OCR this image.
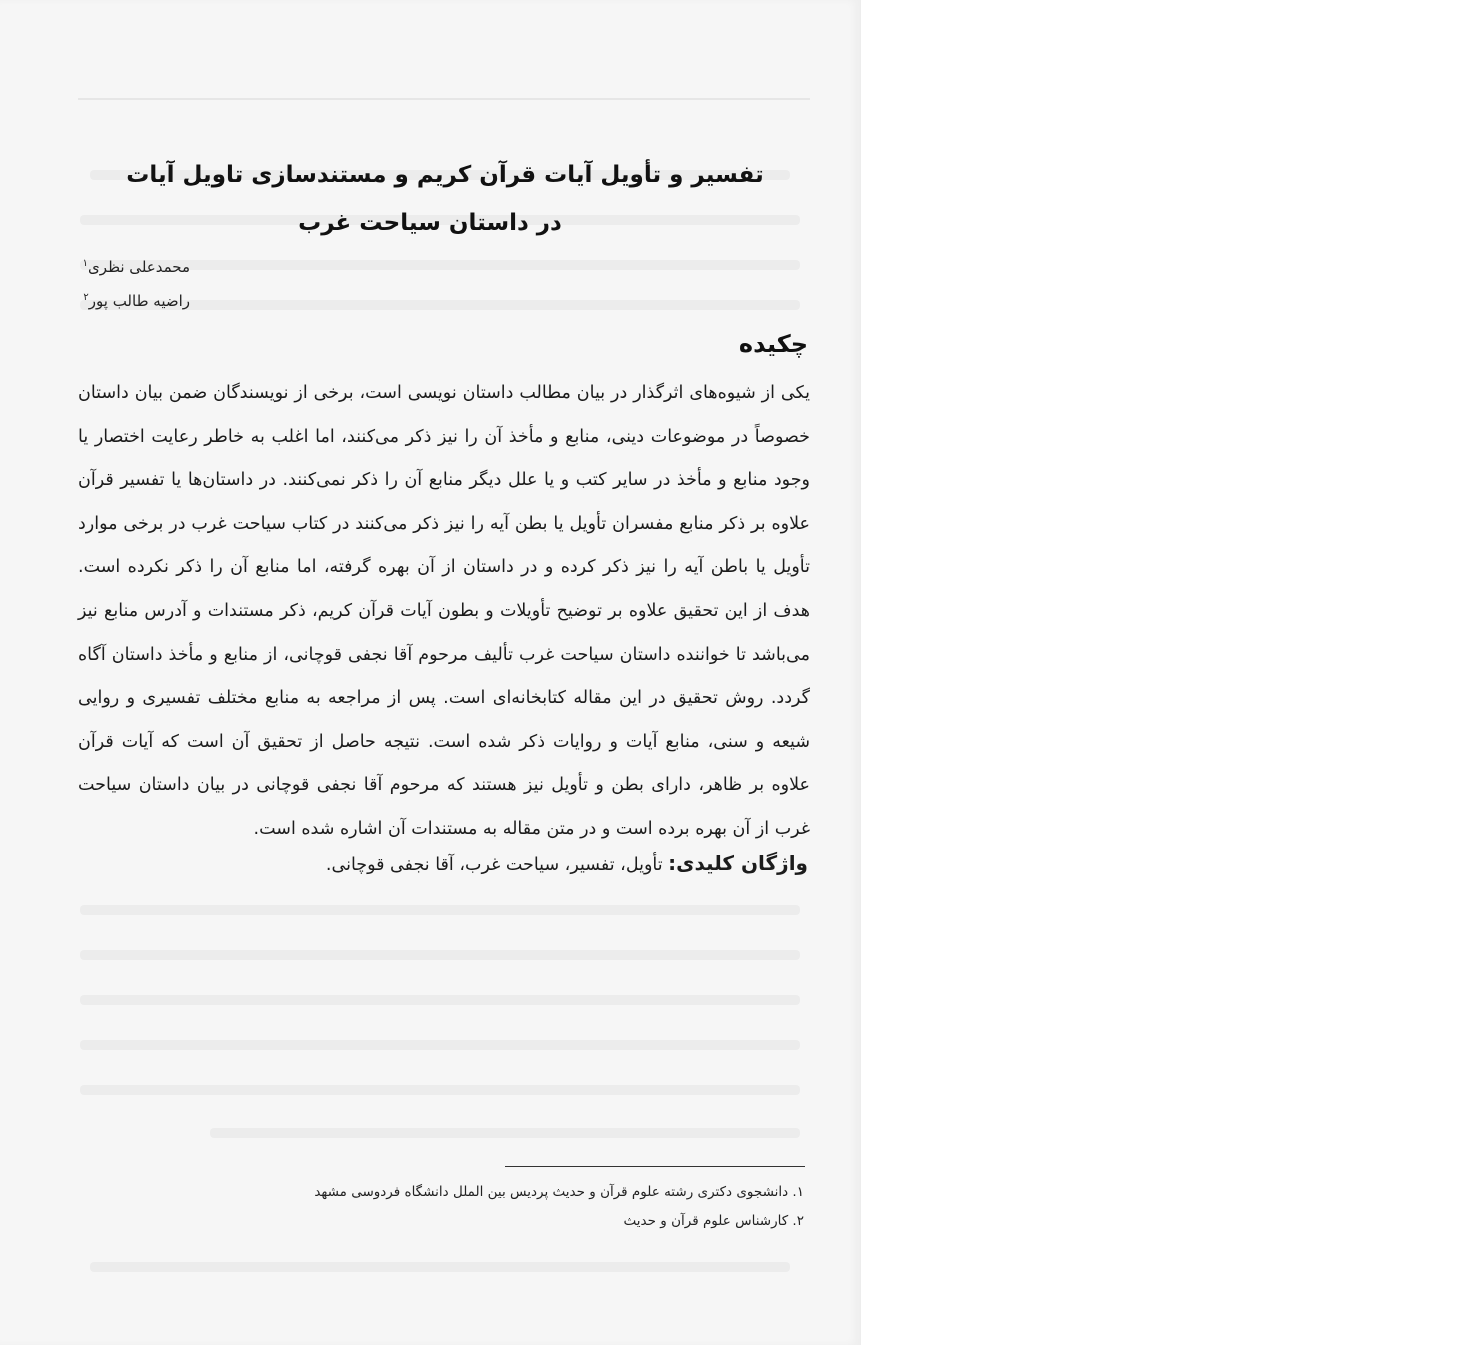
تفسیر و تأویل آیات قرآن کریم و مستندسازی تاویل آیات
در داستان سیاحت غرب
محمدعلی نظری$^۱$
راضیه طالب پور$^۲$
چکیده
یکی از شیوه‌های اثرگذار در بیان مطالب داستان نویسی است، برخی از نویسندگان ضمن بیان داستان خصوصاً در موضوعات دینی، منابع و مأخذ آن را نیز ذکر می‌کنند، اما اغلب به خاطر رعایت اختصار یا وجود منابع و مأخذ در سایر کتب و یا علل دیگر منابع آن را ذکر نمی‌کنند. در داستان‌ها یا تفسیر قرآن علاوه بر ذکر منابع مفسران تأویل یا بطن آیه را نیز ذکر می‌کنند در کتاب سیاحت غرب در برخی موارد تأویل یا باطن آیه را نیز ذکر کرده و در داستان از آن بهره گرفته، اما منابع آن را ذکر نکرده است. هدف از این تحقیق علاوه بر توضیح تأویلات و بطون آیات قرآن کریم، ذکر مستندات و آدرس منابع نیز می‌باشد تا خواننده داستان سیاحت غرب تألیف مرحوم آقا نجفی قوچانی، از منابع و مأخذ داستان آگاه گردد. روش تحقیق در این مقاله کتابخانه‌ای است. پس از مراجعه به منابع مختلف تفسیری و روایی شیعه و سنی، منابع آیات و روایات ذکر شده است. نتیجه حاصل از تحقیق آن است که آیات قرآن علاوه بر ظاهر، دارای بطن و تأویل نیز هستند که مرحوم آقا نجفی قوچانی در بیان داستان سیاحت غرب از آن بهره برده است و در متن مقاله به مستندات آن اشاره شده است.
واژگان کلیدی: تأویل، تفسیر، سیاحت غرب، آقا نجفی قوچانی.
۱. دانشجوی دکتری رشته علوم قرآن و حدیث پردیس بین الملل دانشگاه فردوسی مشهد
۲. کارشناس علوم قرآن و حدیث
